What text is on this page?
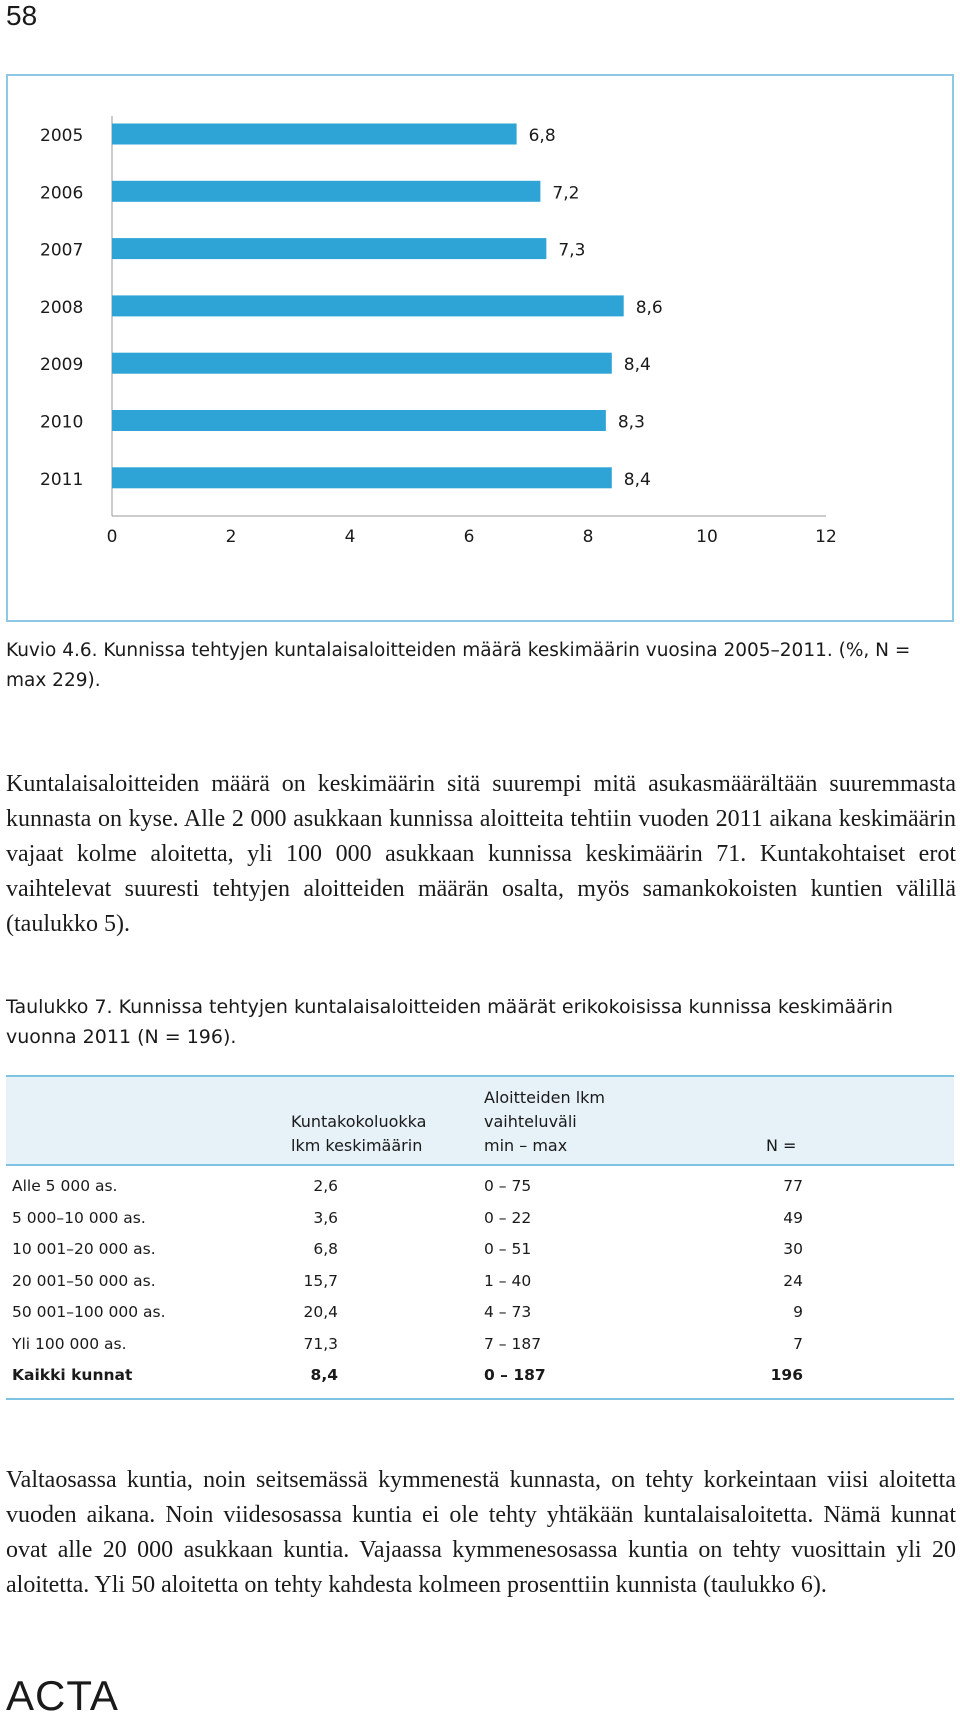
58
2005	6,8
2006	7,2
2007	7,3
2008	8,6
2009	8,4
2010	8,3
2011	8,4
0	2	4	6	8	10	12
Kuvio 4.6. Kunnissa tehtyjen kuntalaisaloitteiden määrä keskimäärin vuosina 2005–2011. (%, N = max 229).

Kuntalaisaloitteiden määrä on keskimäärin sitä suurempi mitä asukasmäärältään suuremmasta kunnasta on kyse. Alle 2 000 asukkaan kunnissa aloitteita tehtiin vuoden 2011 aikana keskimäärin vajaat kolme aloitetta, yli 100 000 asukkaan kunnissa keskimäärin 71. Kuntakohtaiset erot vaihtelevat suuresti tehtyjen aloitteiden määrän osalta, myös samankokoisten kuntien välillä (taulukko 5).

Taulukko 7. Kunnissa tehtyjen kuntalaisaloitteiden määrät erikokoisissa kunnissa keskimäärin vuonna 2011 (N = 196).
Kuntakokoluokka
lkm keskimäärin
Aloitteiden lkm
vaihteluväli
min – max	N =
Alle 5 000 as.	2,6	0 – 75	77
5 000–10 000 as.	3,6	0 – 22	49
10 001–20 000 as.	6,8	0 – 51	30
20 001–50 000 as.	15,7	1 – 40	24
50 001–100 000 as.	20,4	4 – 73	9
Yli 100 000 as.	71,3	7 – 187	7
Kaikki kunnat	8,4	0 – 187	196

Valtaosassa kuntia, noin seitsemässä kymmenestä kunnasta, on tehty korkeintaan viisi aloitetta vuoden aikana. Noin viidesosassa kuntia ei ole tehty yhtäkään kuntalaisaloitetta. Nämä kunnat ovat alle 20 000 asukkaan kuntia. Vajaassa kymmenesosassa kuntia on tehty vuosittain yli 20 aloitetta. Yli 50 aloitetta on tehty kahdesta kolmeen prosenttiin kunnista (taulukko 6).

ACTA
